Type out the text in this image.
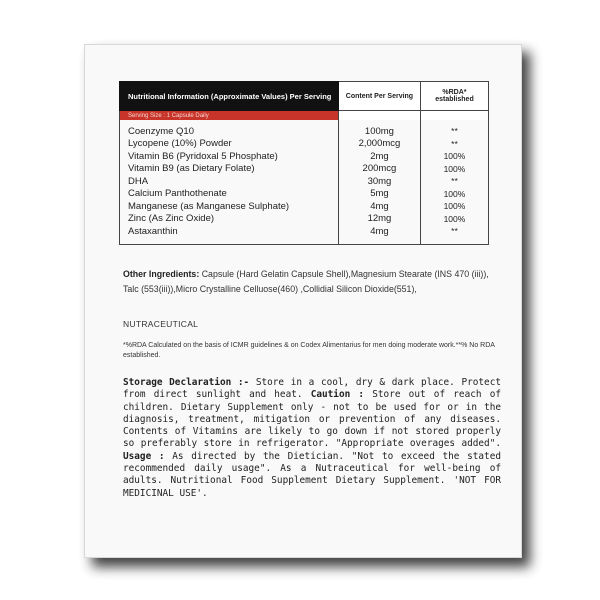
Nutritional Information (Approximate Values) Per Serving	Content Per Serving	%RDA*
established
Serving Size : 1 Capsule Daily		
Coenzyme Q10	100mg	**
Lycopene (10%) Powder	2,000mcg	**
Vitamin B6 (Pyridoxal 5 Phosphate)	2mg	100%
Vitamin B9 (as Dietary Folate)	200mcg	100%
DHA	30mg	**
Calcium Panthothenate	5mg	100%
Manganese (as Manganese Sulphate)	4mg	100%
Zinc (As Zinc Oxide)	12mg	100%
Astaxanthin	4mg	**
Other Ingredients: Capsule (Hard Gelatin Capsule Shell),Magnesium Stearate (INS 470 (iii)), Talc (553(iii)),Micro Crystalline Celluose(460) ,Collidial Silicon Dioxide(551),
NUTRACEUTICAL
*%RDA Calculated on the basis of ICMR guidelines & on Codex Alimentarius for men doing moderate work.**% No RDA established.
Storage Declaration :- Store in a cool, dry & dark place. Protect from direct sunlight and heat. Caution : Store out of reach of children. Dietary Supplement only - not to be used for or in the diagnosis, treatment, mitigation or prevention of any diseases. Contents of Vitamins are likely to go down if not stored properly so preferably store in refrigerator. "Appropriate overages added". Usage : As directed by the Dietician. "Not to exceed the stated recommended daily usage". As a Nutraceutical for well-being of adults. Nutritional Food Supplement Dietary Supplement. 'NOT FOR MEDICINAL USE'.
